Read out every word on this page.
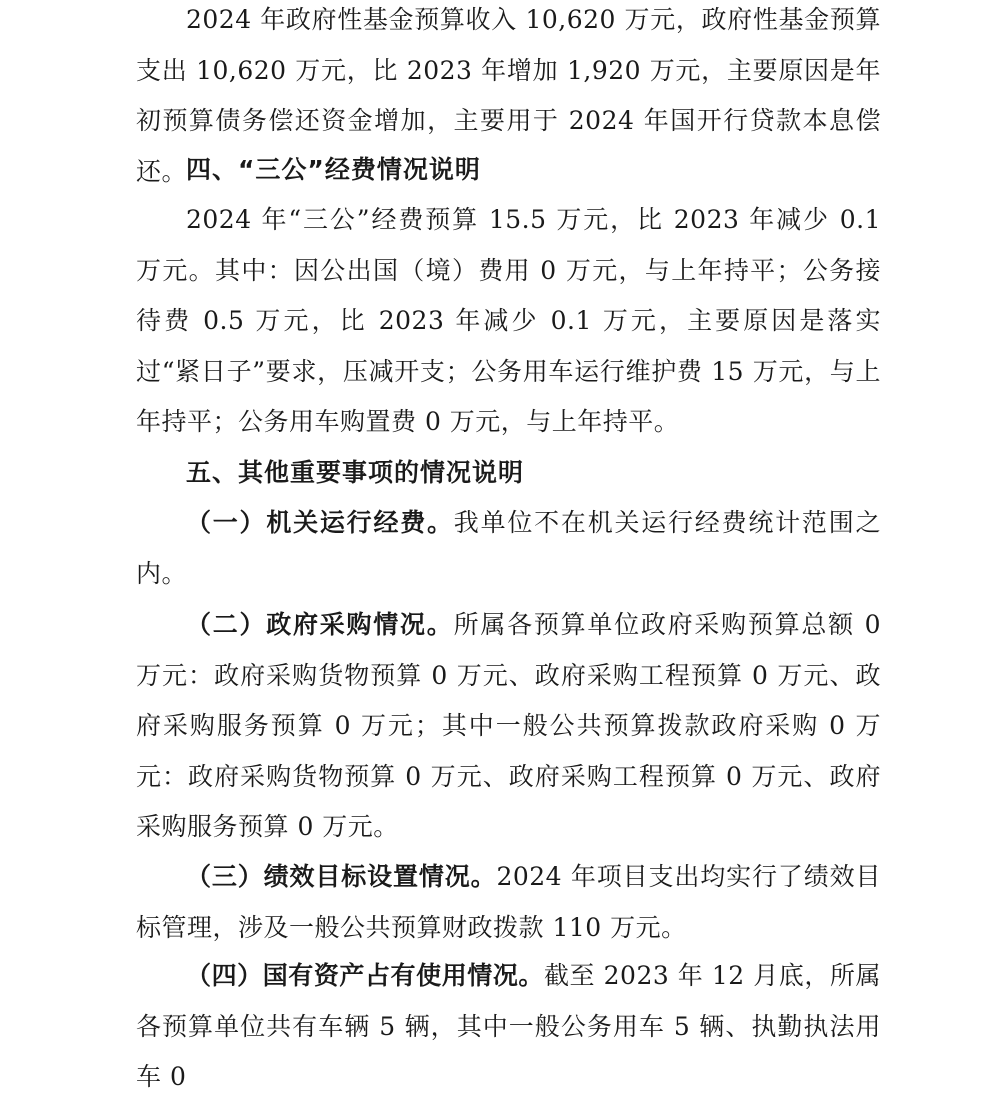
2024 年政府性基金预算收入 10,620 万元，政府性基金预算支出 10,620 万元，比 2023 年增加 1,920 万元，主要原因是年初预算债务偿还资金增加，主要用于 2024 年国开行贷款本息偿还。

四、“三公”经费情况说明

2024 年“三公”经费预算 15.5 万元，比 2023 年减少 0.1 万元。其中：因公出国（境）费用 0 万元，与上年持平；公务接待费 0.5 万元，比 2023 年减少 0.1 万元，主要原因是落实过“紧日子”要求，压减开支；公务用车运行维护费 15 万元，与上年持平；公务用车购置费 0 万元，与上年持平。

五、其他重要事项的情况说明

（一）机关运行经费。我单位不在机关运行经费统计范围之内。

（二）政府采购情况。所属各预算单位政府采购预算总额 0 万元：政府采购货物预算 0 万元、政府采购工程预算 0 万元、政府采购服务预算 0 万元；其中一般公共预算拨款政府采购 0 万元：政府采购货物预算 0 万元、政府采购工程预算 0 万元、政府采购服务预算 0 万元。

（三）绩效目标设置情况。2024 年项目支出均实行了绩效目标管理，涉及一般公共预算财政拨款 110 万元。

（四）国有资产占有使用情况。截至 2023 年 12 月底，所属各预算单位共有车辆 5 辆，其中一般公务用车 5 辆、执勤执法用车 0
